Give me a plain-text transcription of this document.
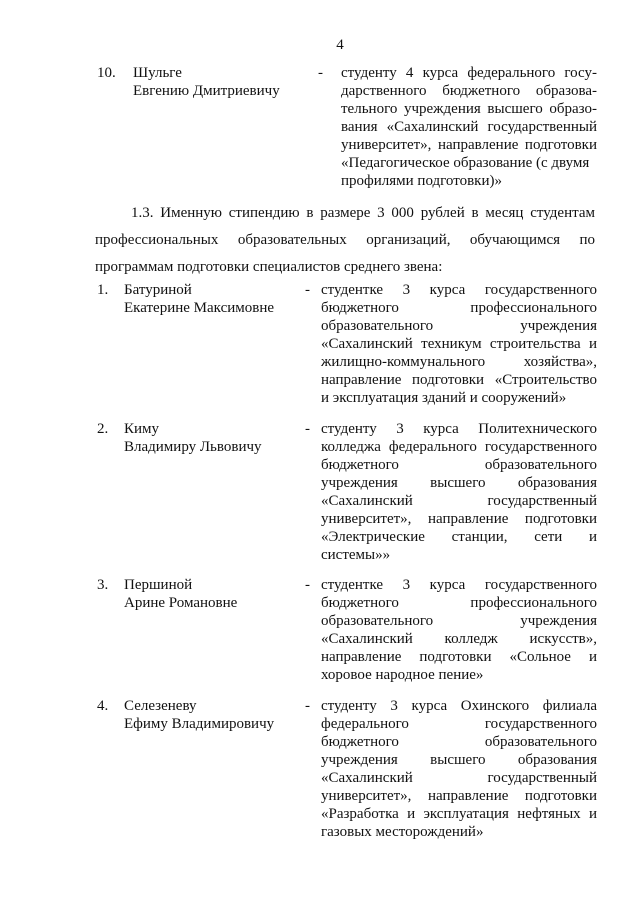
4
10. Шульге
Евгению Дмитриевичу
- студенту 4 курса федерального госу-
дарственного бюджетного образова-
тельного учреждения высшего образо-
вания «Сахалинский государственный
университет», направление подготовки
«Педагогическое образование (с двумя
профилями подготовки)»
1.3. Именную стипендию в размере 3 000 рублей в месяц студентам
профессиональных образовательных организаций, обучающимся по
программам подготовки специалистов среднего звена:
1. Батуриной
Екатерине Максимовне
- студентке 3 курса государственного
бюджетного профессионального
образовательного учреждения
«Сахалинский техникум строительства и
жилищно-коммунального хозяйства»,
направление подготовки «Строительство
и эксплуатация зданий и сооружений»
2. Киму
Владимиру Львовичу
- студенту 3 курса Политехнического
колледжа федерального государственного
бюджетного образовательного
учреждения высшего образования
«Сахалинский государственный
университет», направление подготовки
«Электрические станции, сети и
системы»»
3. Першиной
Арине Романовне
- студентке 3 курса государственного
бюджетного профессионального
образовательного учреждения
«Сахалинский колледж искусств»,
направление подготовки «Сольное и
хоровое народное пение»
4. Селезеневу
Ефиму Владимировичу
- студенту 3 курса Охинского филиала
федерального государственного
бюджетного образовательного
учреждения высшего образования
«Сахалинский государственный
университет», направление подготовки
«Разработка и эксплуатация нефтяных и
газовых месторождений»
